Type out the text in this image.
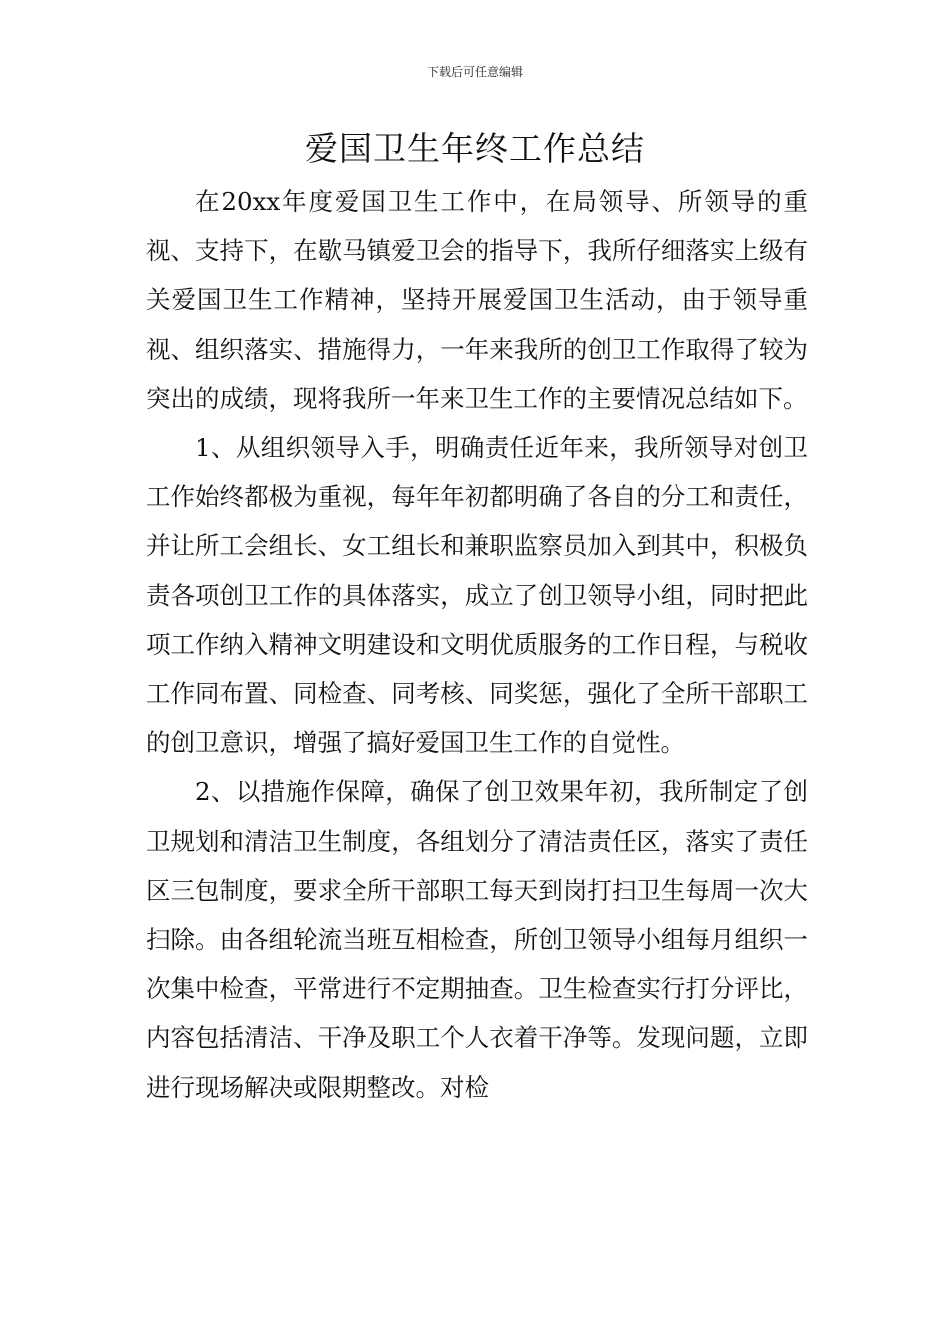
下载后可任意编辑
爱国卫生年终工作总结

在20xx年度爱国卫生工作中，在局领导、所领导的重视、支持下，在歇马镇爱卫会的指导下，我所仔细落实上级有关爱国卫生工作精神，坚持开展爱国卫生活动，由于领导重视、组织落实、措施得力，一年来我所的创卫工作取得了较为突出的成绩，现将我所一年来卫生工作的主要情况总结如下。

1、从组织领导入手，明确责任近年来，我所领导对创卫工作始终都极为重视，每年年初都明确了各自的分工和责任，并让所工会组长、女工组长和兼职监察员加入到其中，积极负责各项创卫工作的具体落实，成立了创卫领导小组，同时把此项工作纳入精神文明建设和文明优质服务的工作日程，与税收工作同布置、同检查、同考核、同奖惩，强化了全所干部职工的创卫意识，增强了搞好爱国卫生工作的自觉性。

2、以措施作保障，确保了创卫效果年初，我所制定了创卫规划和清洁卫生制度，各组划分了清洁责任区，落实了责任区三包制度，要求全所干部职工每天到岗打扫卫生每周一次大扫除。由各组轮流当班互相检查，所创卫领导小组每月组织一次集中检查，平常进行不定期抽查。卫生检查实行打分评比，内容包括清洁、干净及职工个人衣着干净等。发现问题，立即进行现场解决或限期整改。对检
